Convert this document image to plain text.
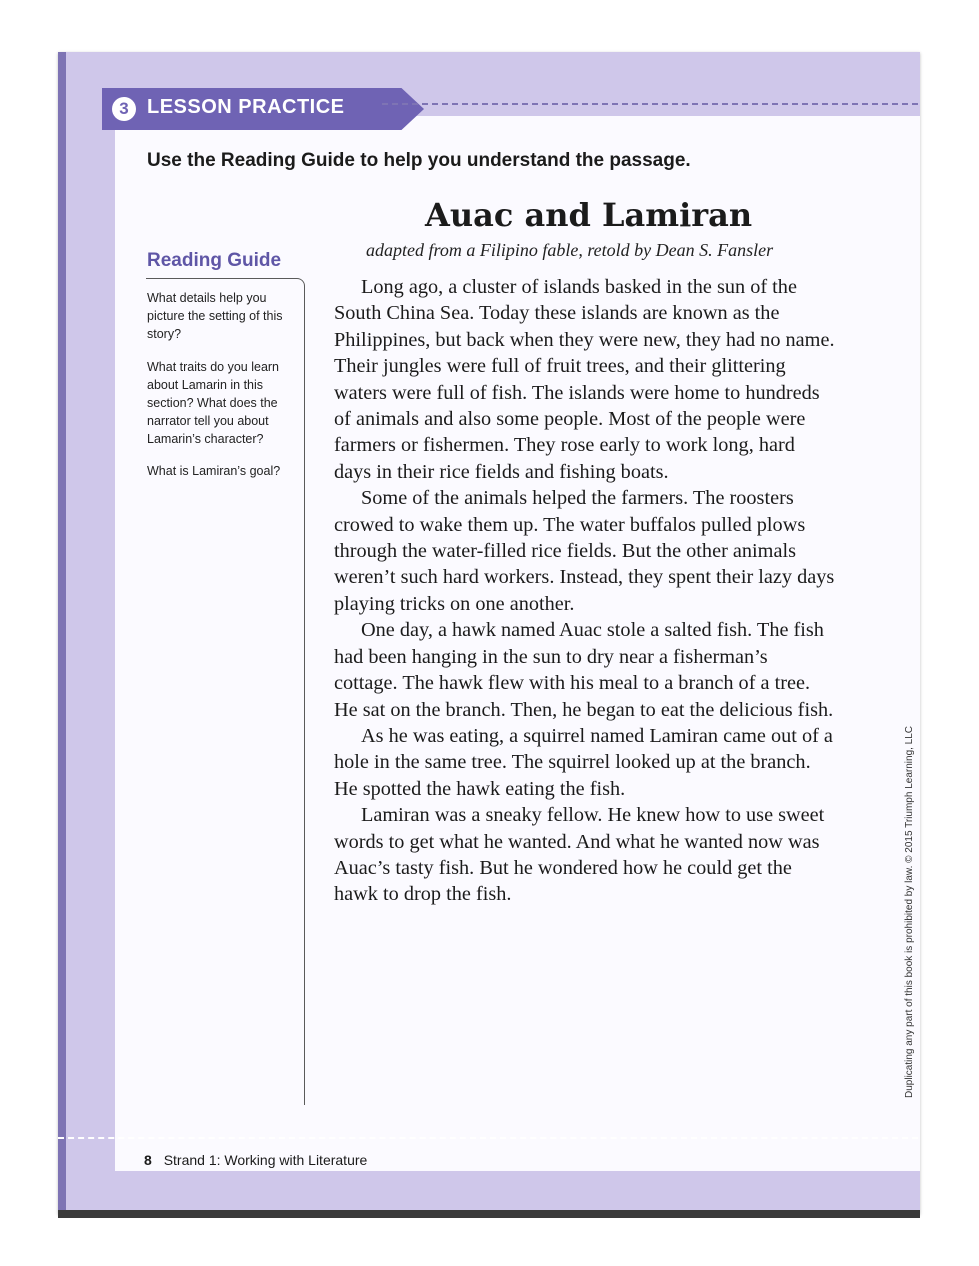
3 LESSON PRACTICE
Use the Reading Guide to help you understand the passage.
Reading Guide
What details help you picture the setting of this story?
What traits do you learn about Lamarin in this section? What does the narrator tell you about Lamarin’s character?
What is Lamiran’s goal?
Auac and Lamiran
adapted from a Filipino fable, retold by Dean S. Fansler

Long ago, a cluster of islands basked in the sun of the South China Sea. Today these islands are known as the Philippines, but back when they were new, they had no name. Their jungles were full of fruit trees, and their glittering waters were full of fish. The islands were home to hundreds of animals and also some people. Most of the people were farmers or fishermen. They rose early to work long, hard days in their rice fields and fishing boats.

Some of the animals helped the farmers. The roosters crowed to wake them up. The water buffalos pulled plows through the water-filled rice fields. But the other animals weren’t such hard workers. Instead, they spent their lazy days playing tricks on one another.

One day, a hawk named Auac stole a salted fish. The fish had been hanging in the sun to dry near a fisherman’s cottage. The hawk flew with his meal to a branch of a tree. He sat on the branch. Then, he began to eat the delicious fish.

As he was eating, a squirrel named Lamiran came out of a hole in the same tree. The squirrel looked up at the branch. He spotted the hawk eating the fish.

Lamiran was a sneaky fellow. He knew how to use sweet words to get what he wanted. And what he wanted now was Auac’s tasty fish. But he wondered how he could get the hawk to drop the fish.	Duplicating any part of this book is prohibited by law. © 2015 Triumph Learning, LLC
8 Strand 1: Working with Literature
